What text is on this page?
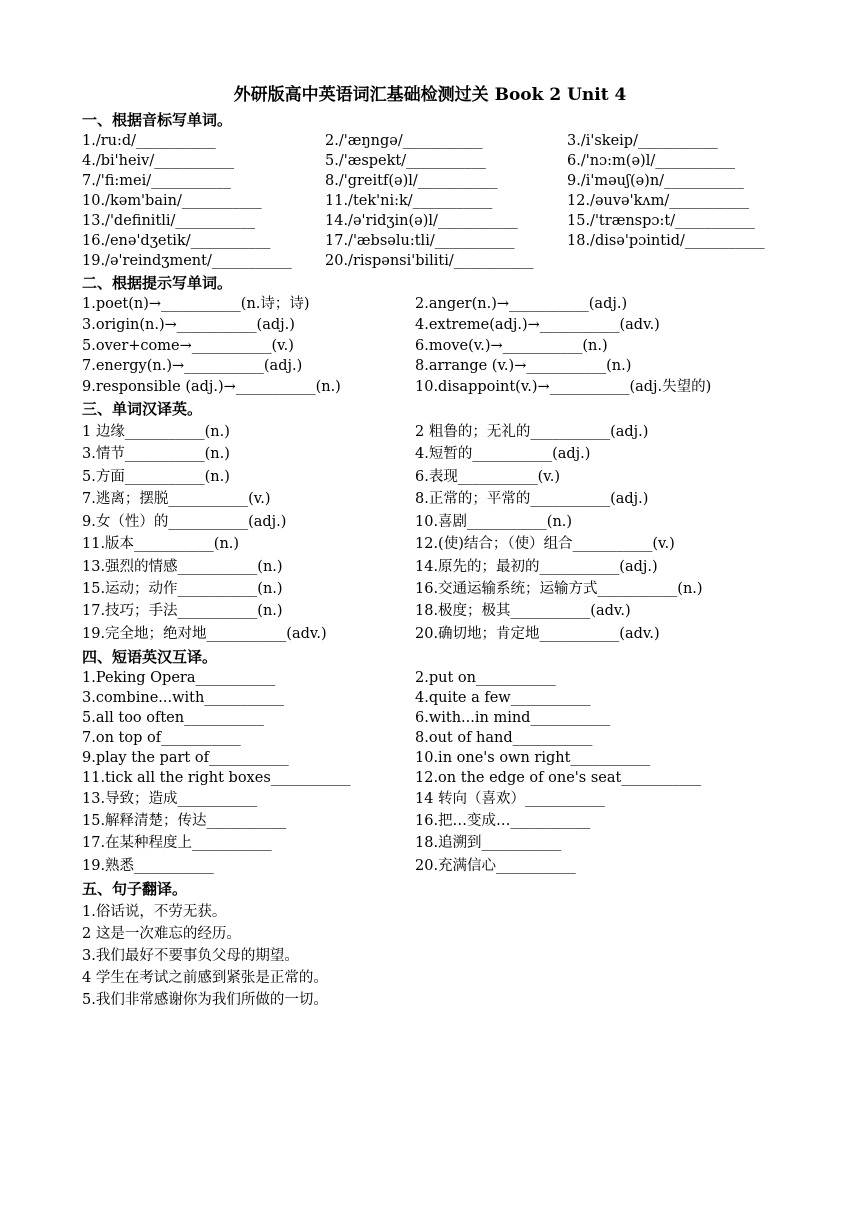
外研版高中英语词汇基础检测过关 Book 2 Unit 4
一、根据音标写单词。
1./ru:d/___________	2./'æŋngə/___________	3./i'skeip/___________
4./bi'heiv/___________	5./'æspekt/___________	6./'nɔ:m(ə)l/___________
7./'fi:mei/___________	8./'greitf(ə)l/___________	9./i'məuʃ(ə)n/___________
10./kəm'bain/___________	11./tek'ni:k/___________	12./əuvə'kʌm/___________
13./'definitli/___________	14./ə'ridʒin(ə)l/___________	15./'trænspɔ:t/___________
16./enə'dʒetik/___________	17./'æbsəlu:tli/___________	18./disə'pɔintid/___________
19./ə'reindʒment/___________ 20./rispənsi'biliti/___________
二、根据提示写单词。
1.poet(n)→___________(n.诗；诗)	2.anger(n.)→___________(adj.)
3.origin(n.)→___________(adj.)	4.extreme(adj.)→___________(adv.)
5.over+come→___________(v.)	6.move(v.)→___________(n.)
7.energy(n.)→___________(adj.)	8.arrange (v.)→___________(n.)
9.responsible (adj.)→___________(n.)	10.disappoint(v.)→___________(adj.失望的)
三、单词汉译英。
1 边缘___________(n.)	2 粗鲁的；无礼的___________(adj.)
3.情节___________(n.)	4.短暂的___________(adj.)
5.方面___________(n.)	6.表现___________(v.)
7.逃离；摆脱___________(v.)	8.正常的；平常的___________(adj.)
9.女（性）的___________(adj.)	10.喜剧___________(n.)
11.版本___________(n.)	12.(使)结合；（使）组合___________(v.)
13.强烈的情感___________(n.)	14.原先的；最初的___________(adj.)
15.运动；动作___________(n.)	16.交通运输系统；运输方式___________(n.)
17.技巧；手法___________(n.)	18.极度；极其___________(adv.)
19.完全地；绝对地___________(adv.)	20.确切地；肯定地___________(adv.)
四、短语英汉互译。
1.Peking Opera___________	2.put on___________
3.combine...with___________	4.quite a few___________
5.all too often___________	6.with...in mind___________
7.on top of___________	8.out of hand___________
9.play the part of___________	10.in one's own right___________
11.tick all the right boxes___________	12.on the edge of one's seat___________
13.导致；造成___________	14 转向（喜欢）___________
15.解释清楚；传达___________	16.把…变成…___________
17.在某种程度上___________	18.追溯到___________
19.熟悉___________	20.充满信心___________
五、句子翻译。
1.俗话说，不劳无获。
2 这是一次难忘的经历。
3.我们最好不要事负父母的期望。
4 学生在考试之前感到紧张是正常的。
5.我们非常感谢你为我们所做的一切。
